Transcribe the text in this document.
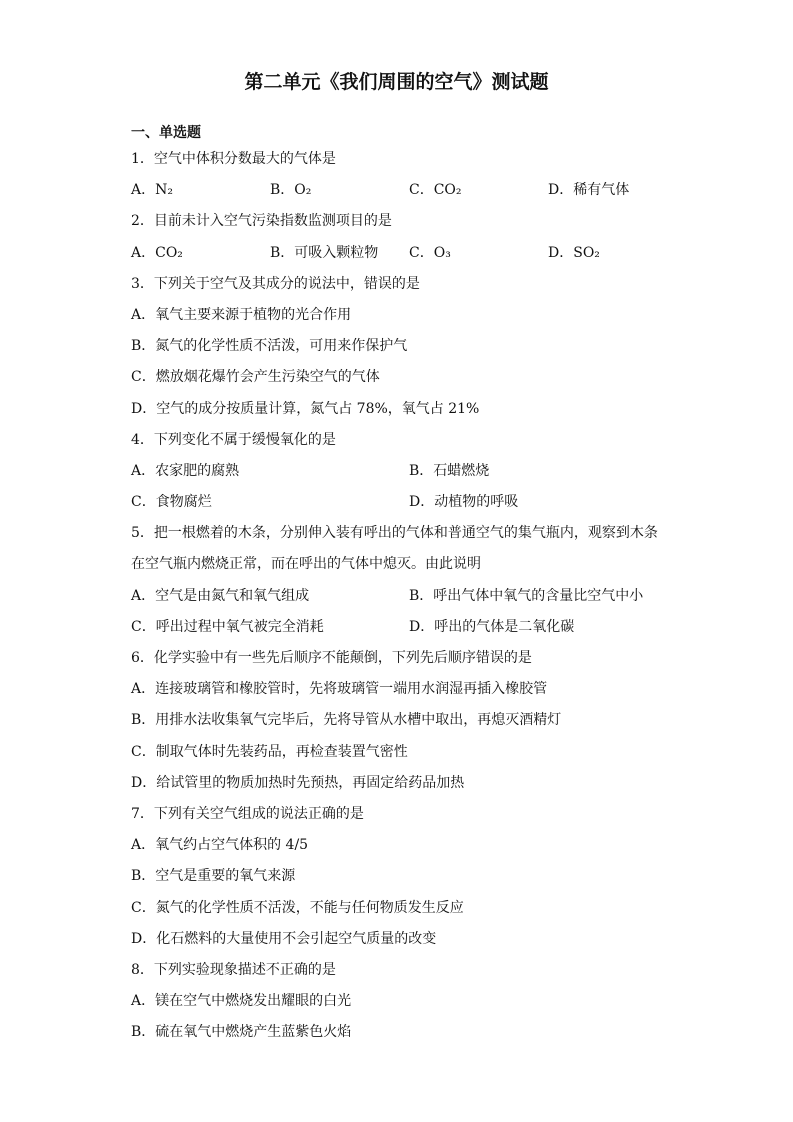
第二单元《我们周围的空气》测试题
一、单选题
1．空气中体积分数最大的气体是
A．N₂	B．O₂	C．CO₂	D．稀有气体
2．目前未计入空气污染指数监测项目的是
A．CO₂	B．可吸入颗粒物 C．O₃	D．SO₂
3．下列关于空气及其成分的说法中，错误的是
A．氧气主要来源于植物的光合作用
B．氮气的化学性质不活泼，可用来作保护气
C．燃放烟花爆竹会产生污染空气的气体
D．空气的成分按质量计算，氮气占 78%，氧气占 21%
4．下列变化不属于缓慢氧化的是
A．农家肥的腐熟	B．石蜡燃烧
C．食物腐烂	D．动植物的呼吸
5．把一根燃着的木条，分别伸入装有呼出的气体和普通空气的集气瓶内，观察到木条
在空气瓶内燃烧正常，而在呼出的气体中熄灭。由此说明
A．空气是由氮气和氧气组成	B．呼出气体中氧气的含量比空气中小
C．呼出过程中氧气被完全消耗	D．呼出的气体是二氧化碳
6．化学实验中有一些先后顺序不能颠倒，下列先后顺序错误的是
A．连接玻璃管和橡胶管时，先将玻璃管一端用水润湿再插入橡胶管
B．用排水法收集氧气完毕后，先将导管从水槽中取出，再熄灭酒精灯
C．制取气体时先装药品，再检查装置气密性
D．给试管里的物质加热时先预热，再固定给药品加热
7．下列有关空气组成的说法正确的是
A．氧气约占空气体积的 4/5
B．空气是重要的氧气来源
C．氮气的化学性质不活泼，不能与任何物质发生反应
D．化石燃料的大量使用不会引起空气质量的改变
8．下列实验现象描述不正确的是
A．镁在空气中燃烧发出耀眼的白光
B．硫在氧气中燃烧产生蓝紫色火焰
